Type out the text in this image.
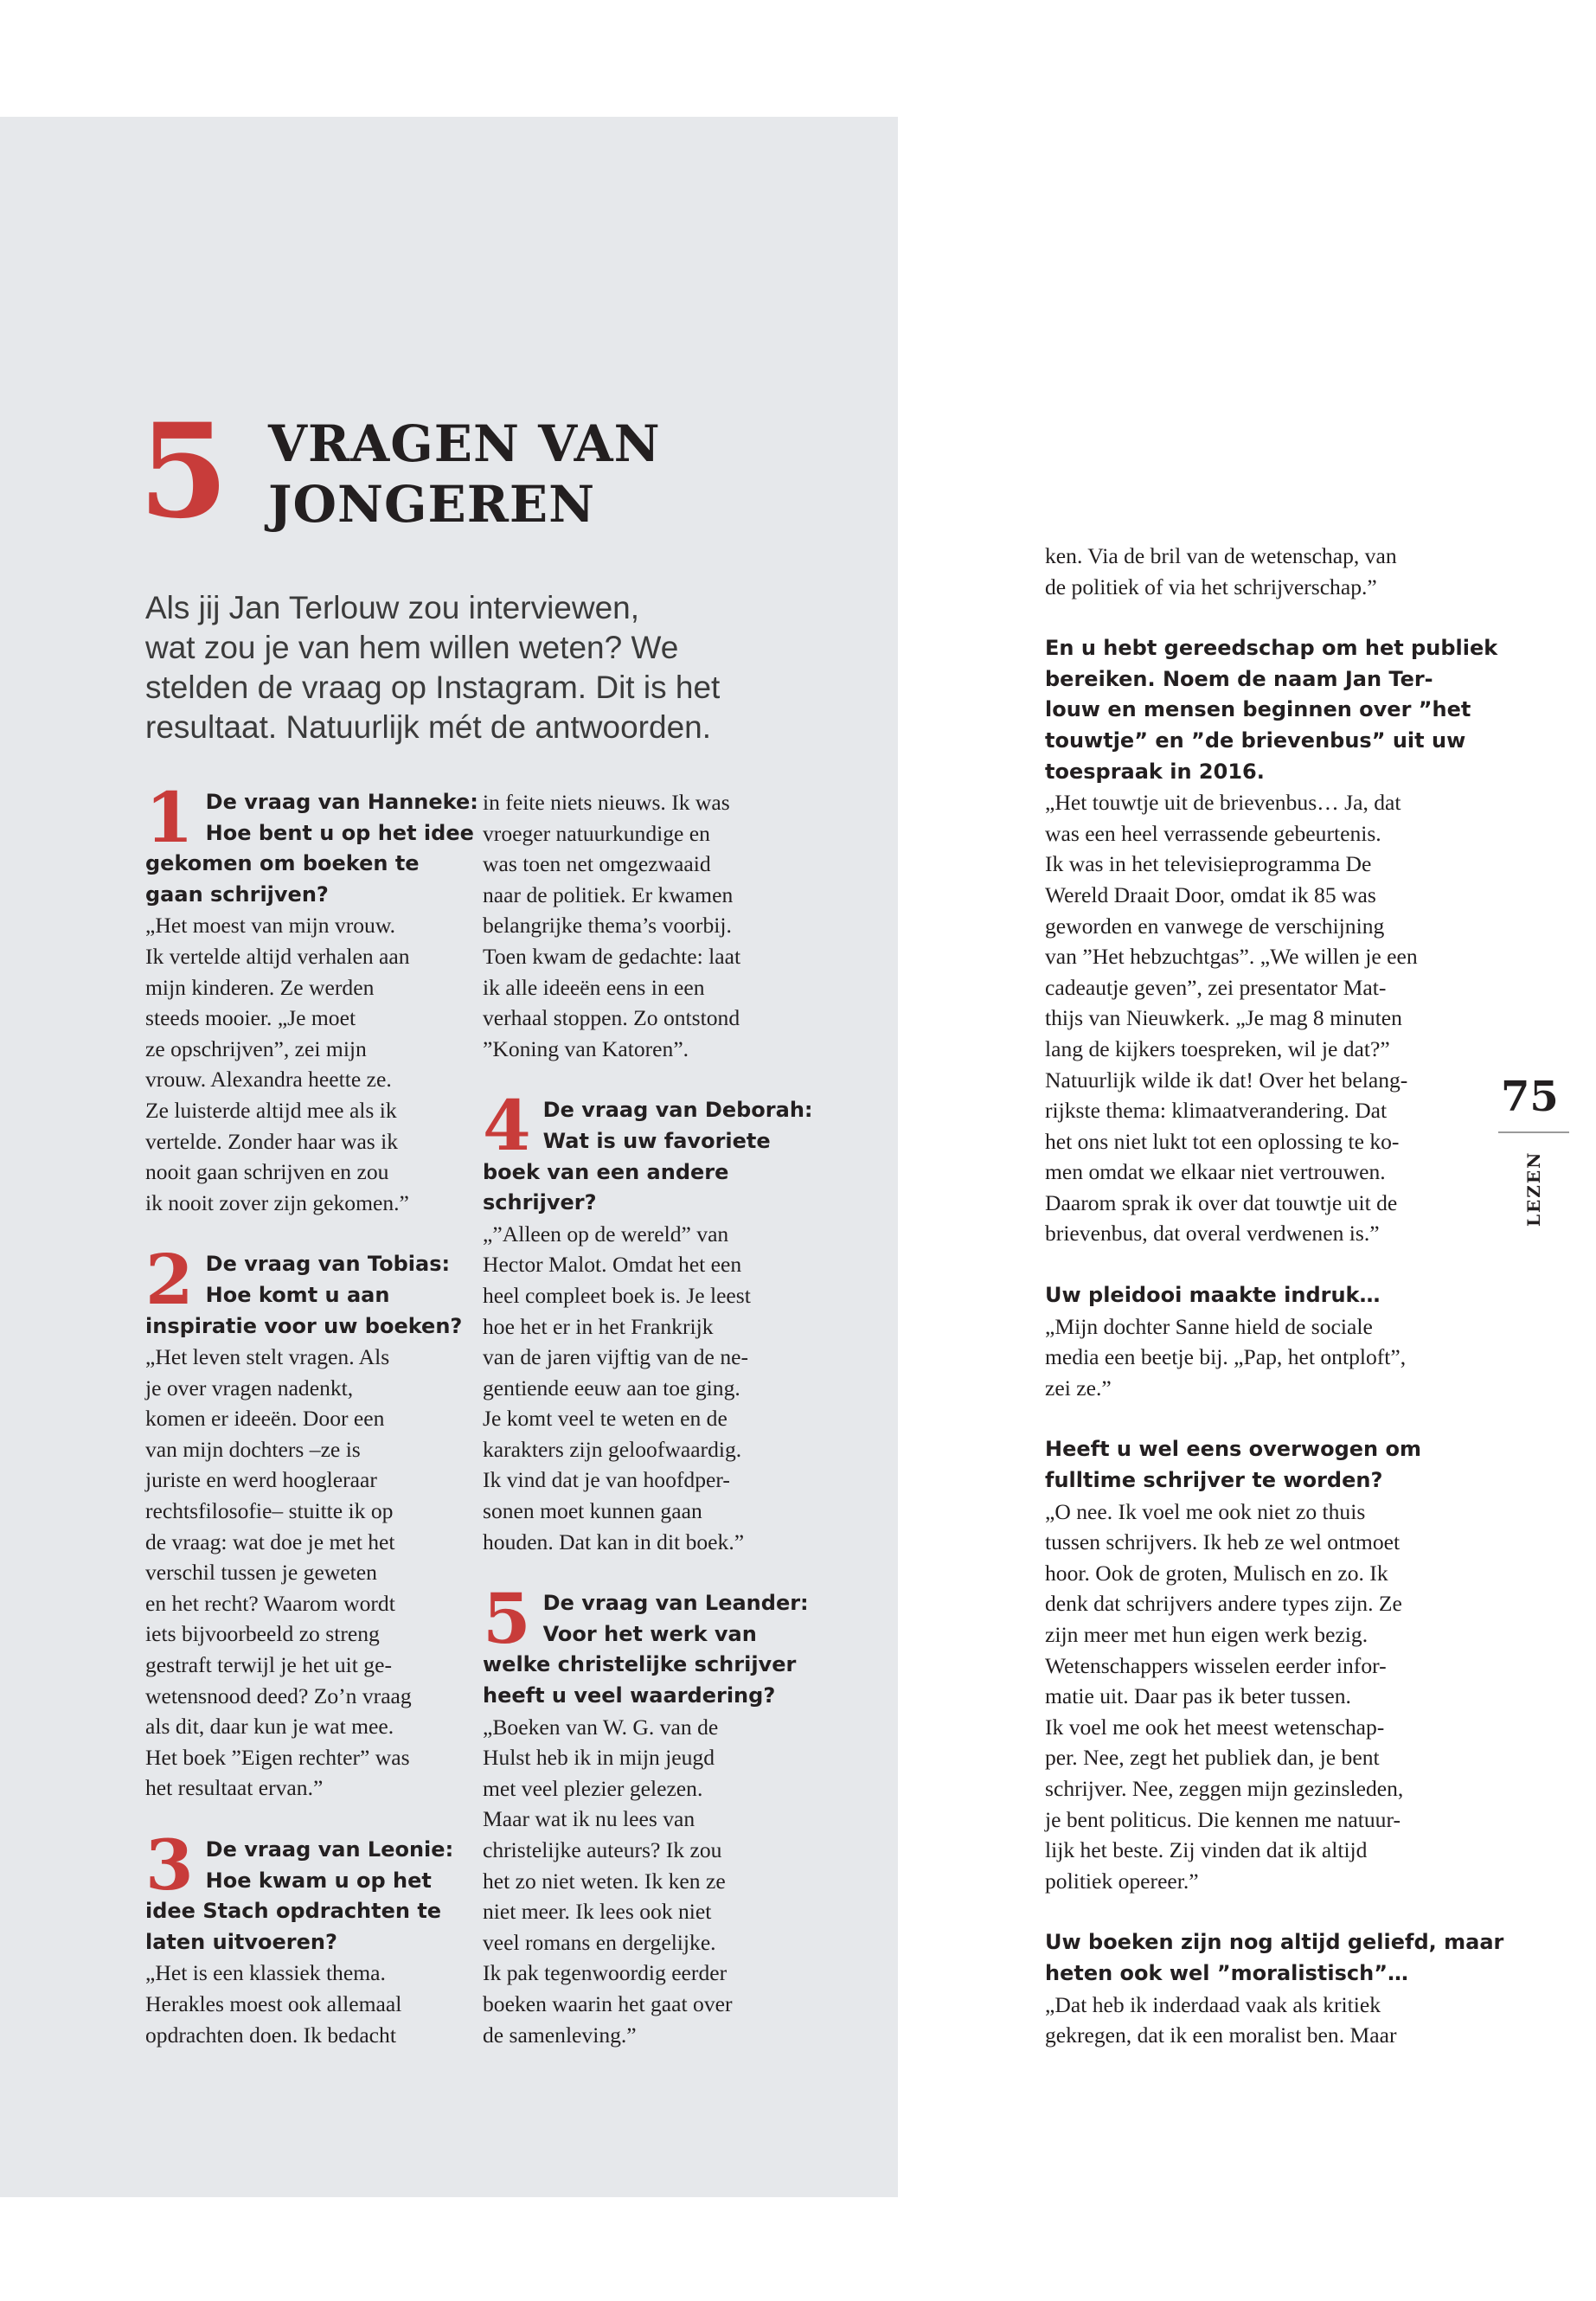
5 VRAGEN VAN
JONGEREN

Als jij Jan Terlouw zou interviewen,
wat zou je van hem willen weten? We
stelden de vraag op Instagram. Dit is het
resultaat. Natuurlijk mét de antwoorden.

1 De vraag van Hanneke:
Hoe bent u op het idee
gekomen om boeken te
gaan schrijven?
„Het moest van mijn vrouw.
Ik vertelde altijd verhalen aan
mijn kinderen. Ze werden
steeds mooier. „Je moet
ze opschrijven”, zei mijn
vrouw. Alexandra heette ze.
Ze luisterde altijd mee als ik
vertelde. Zonder haar was ik
nooit gaan schrijven en zou
ik nooit zover zijn gekomen.”
2 De vraag van Tobias:
Hoe komt u aan
inspiratie voor uw boeken?
„Het leven stelt vragen. Als
je over vragen nadenkt,
komen er ideeën. Door een
van mijn dochters –ze is
juriste en werd hoogleraar
rechtsfilosofie– stuitte ik op
de vraag: wat doe je met het
verschil tussen je geweten
en het recht? Waarom wordt
iets bijvoorbeeld zo streng
gestraft terwijl je het uit ge-
wetensnood deed? Zo’n vraag
als dit, daar kun je wat mee.
Het boek ”Eigen rechter” was
het resultaat ervan.”
3 De vraag van Leonie:
Hoe kwam u op het
idee Stach opdrachten te
laten uitvoeren?
„Het is een klassiek thema.
Herakles moest ook allemaal
opdrachten doen. Ik bedacht
in feite niets nieuws. Ik was
vroeger natuurkundige en
was toen net omgezwaaid
naar de politiek. Er kwamen
belangrijke thema’s voorbij.
Toen kwam de gedachte: laat
ik alle ideeën eens in een
verhaal stoppen. Zo ontstond
”Koning van Katoren”.
4 De vraag van Deborah:
Wat is uw favoriete
boek van een andere
schrijver?
„”Alleen op de wereld” van
Hector Malot. Omdat het een
heel compleet boek is. Je leest
hoe het er in het Frankrijk
van de jaren vijftig van de ne-
gentiende eeuw aan toe ging.
Je komt veel te weten en de
karakters zijn geloofwaardig.
Ik vind dat je van hoofdper-
sonen moet kunnen gaan
houden. Dat kan in dit boek.”
5 De vraag van Leander:
Voor het werk van
welke christelijke schrijver
heeft u veel waardering?
„Boeken van W. G. van de
Hulst heb ik in mijn jeugd
met veel plezier gelezen.
Maar wat ik nu lees van
christelijke auteurs? Ik zou
het zo niet weten. Ik ken ze
niet meer. Ik lees ook niet
veel romans en dergelijke.
Ik pak tegenwoordig eerder
boeken waarin het gaat over
de samenleving.”
ken. Via de bril van de wetenschap, van
de politiek of via het schrijverschap.”
En u hebt gereedschap om het publiek
bereiken. Noem de naam Jan Ter-
louw en mensen beginnen over ”het
touwtje” en ”de brievenbus” uit uw
toespraak in 2016.
„Het touwtje uit de brievenbus… Ja, dat
was een heel verrassende gebeurtenis.
Ik was in het televisieprogramma De
Wereld Draait Door, omdat ik 85 was
geworden en vanwege de verschijning
van ”Het hebzuchtgas”. „We willen je een
cadeautje geven”, zei presentator Mat-
thijs van Nieuwkerk. „Je mag 8 minuten
lang de kijkers toespreken, wil je dat?”
Natuurlijk wilde ik dat! Over het belang-
rijkste thema: klimaatverandering. Dat
het ons niet lukt tot een oplossing te ko-
men omdat we elkaar niet vertrouwen.
Daarom sprak ik over dat touwtje uit de
brievenbus, dat overal verdwenen is.”
Uw pleidooi maakte indruk…
„Mijn dochter Sanne hield de sociale
media een beetje bij. „Pap, het ontploft”,
zei ze.”
Heeft u wel eens overwogen om
fulltime schrijver te worden?
„O nee. Ik voel me ook niet zo thuis
tussen schrijvers. Ik heb ze wel ontmoet
hoor. Ook de groten, Mulisch en zo. Ik
denk dat schrijvers andere types zijn. Ze
zijn meer met hun eigen werk bezig.
Wetenschappers wisselen eerder infor-
matie uit. Daar pas ik beter tussen.
Ik voel me ook het meest wetenschap-
per. Nee, zegt het publiek dan, je bent
schrijver. Nee, zeggen mijn gezinsleden,
je bent politicus. Die kennen me natuur-
lijk het beste. Zij vinden dat ik altijd
politiek opereer.”
Uw boeken zijn nog altijd geliefd, maar
heten ook wel ”moralistisch”…
„Dat heb ik inderdaad vaak als kritiek
gekregen, dat ik een moralist ben. Maar
75
LEZEN
